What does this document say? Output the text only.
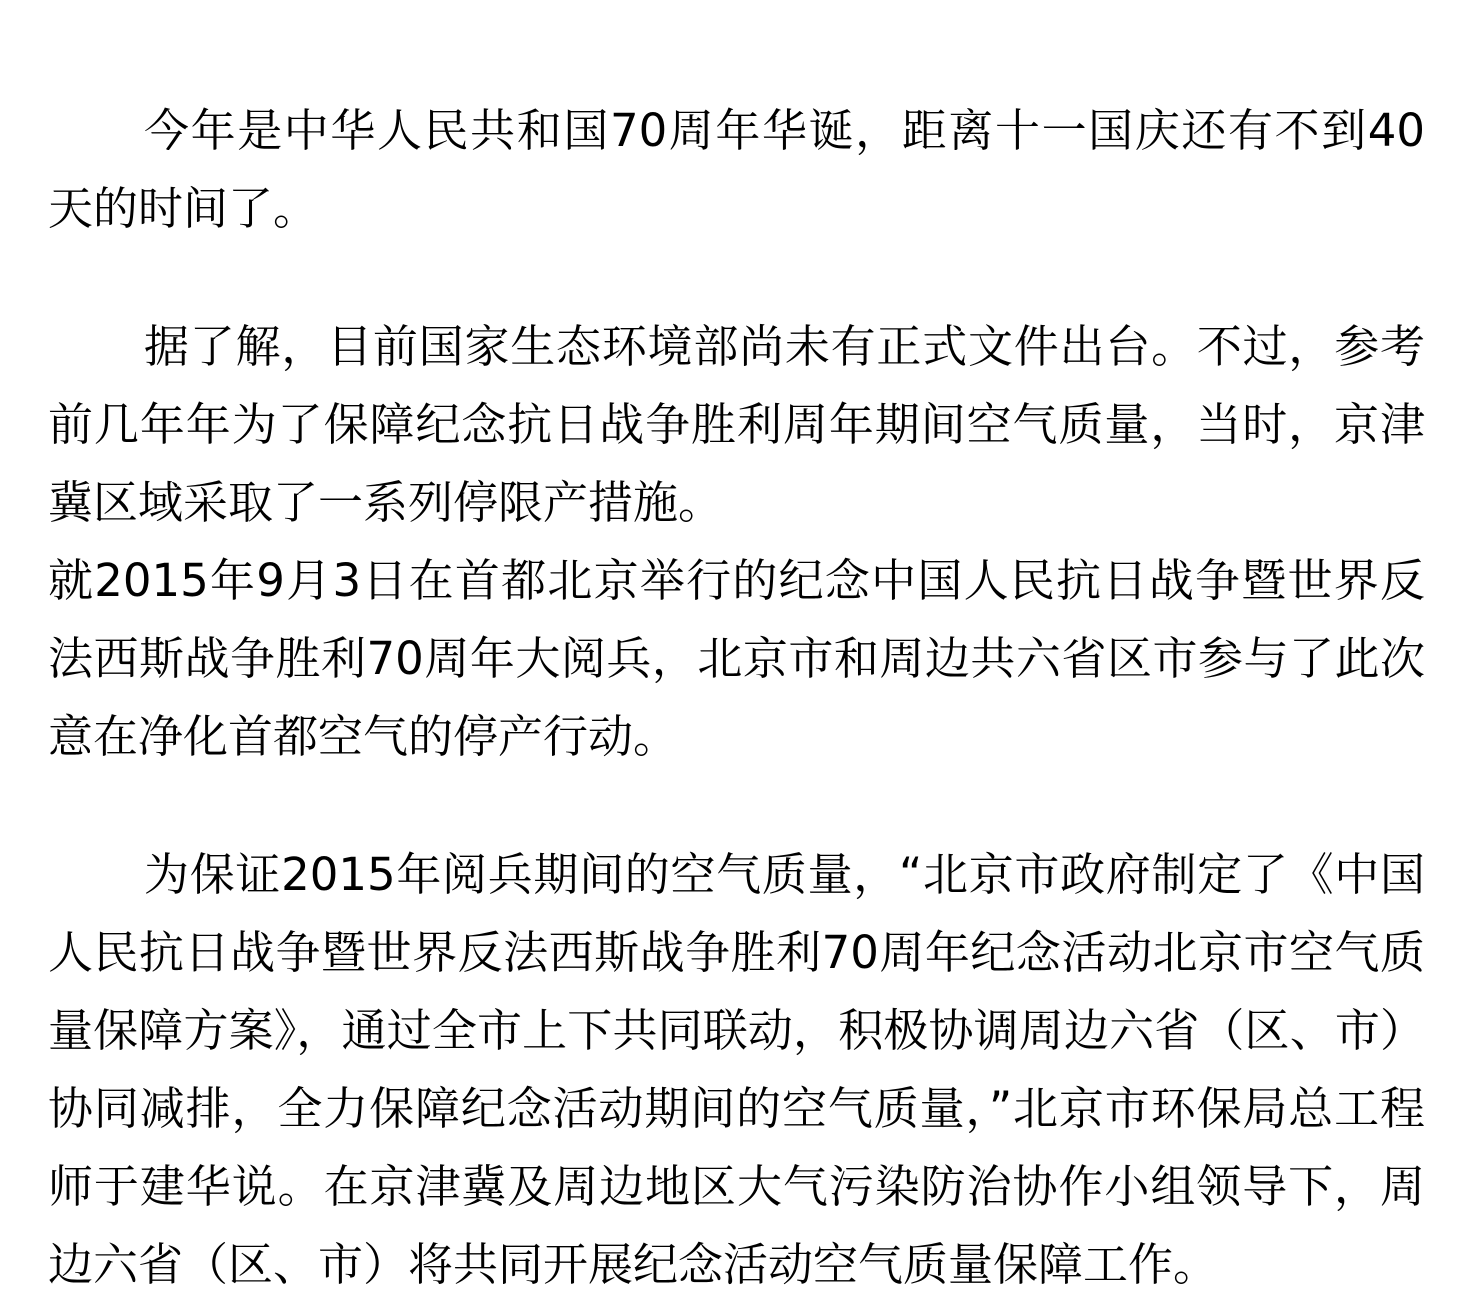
今年是中华人民共和国70周年华诞，距离十一国庆还有不到40天的时间了。

据了解，目前国家生态环境部尚未有正式文件出台。不过，参考前几年年为了保障纪念抗日战争胜利周年期间空气质量，当时，京津冀区域采取了一系列停限产措施。

就2015年9月3日在首都北京举行的纪念中国人民抗日战争暨世界反法西斯战争胜利70周年大阅兵，北京市和周边共六省区市参与了此次意在净化首都空气的停产行动。

为保证2015年阅兵期间的空气质量，“北京市政府制定了《中国人民抗日战争暨世界反法西斯战争胜利70周年纪念活动北京市空气质量保障方案》，通过全市上下共同联动，积极协调周边六省（区、市）协同减排，全力保障纪念活动期间的空气质量，”北京市环保局总工程师于建华说。在京津冀及周边地区大气污染防治协作小组领导下，周边六省（区、市）将共同开展纪念活动空气质量保障工作。
